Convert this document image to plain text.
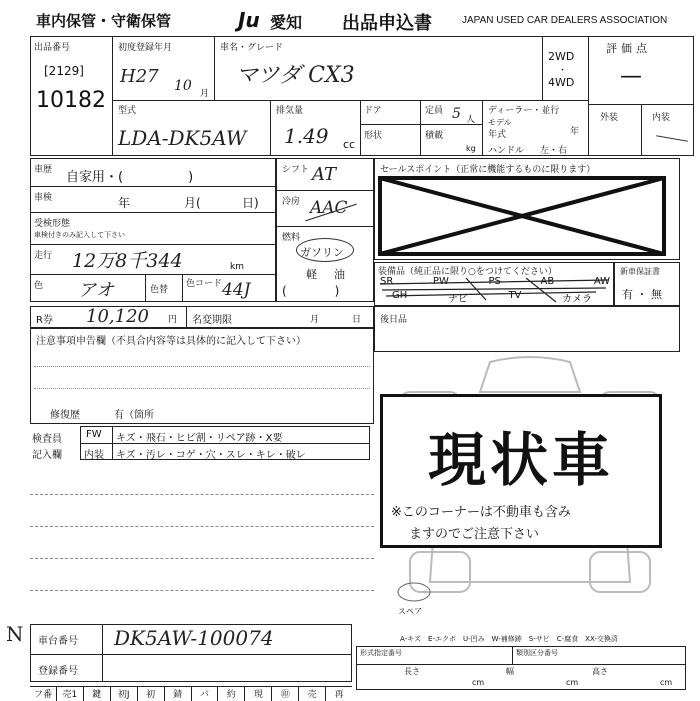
車内保管・守衛保管	Ju 愛知 出品申込書	JAPAN USED CAR DEALERS ASSOCIATION
出品番号
[2129]
10182
初度登録年月
H27 10 月
車名・グレード
マツダ CX3
2WD
・
4WD
評価点
—
外装	内装
型式
LDA-DK5AW
排気量
1.49 cc
ドア	定員 5 人
ディーラー・並行
形状	積載
kg
モデル
年式	年
ハンドル 左・右
車歴 自家用・(　　　　　)
車検	年	月(	日)
受検形態
車検付きのみ記入して下さい
走行 12万8千344	km
色 アオ	色替
色コード 44J
シフト AT
冷房 AAC
燃料
ガソリン
軽 油
(　　　　)
セールスポイント（正常に機能するものに限ります）
装備品（純正品に限り○をつけてください）
SR	PW	PS	AB	AW
GH	ナビ	TV	カメラ
新車保証書
有 ・ 無
R券 10,120 円 名変期限	月	日 後日品
注意事項申告欄（不具合内容等は具体的に記入して下さい）
修復歴	有（箇所
検査員
記入欄
FW キズ・飛石・ヒビ割・リペア跡・X要
内装 キズ・汚レ・コゲ・穴・スレ・キレ・破レ
スペア
現状車
※このコーナーは不動車も含み
ますのでご注意下さい
A-キズ　E-エクボ　U-凹み　W-補修跡　S-サビ　C-腐食　XX-交換済
N 車台番号 DK5AW-100074
登録番号
形式指定番号	類別区分番号
長さ	幅	高さ
cm	cm	cm
フ番	売1	鍵	初J	初	錆	バ	約	現	㊞	売	再
